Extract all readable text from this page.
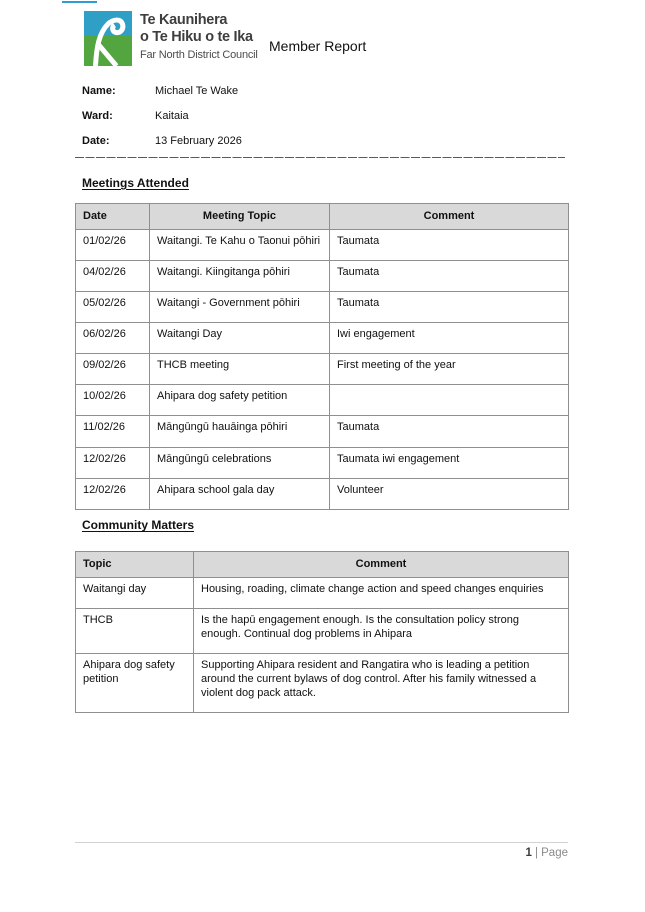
Te Kaunihera
o Te Hiku o te Ika
Far North District Council
Member Report
Name:	Michael Te Wake
Ward:	Kaitaia
Date:	13 February 2026
Meetings Attended
Date	Meeting Topic	Comment
01/02/26	Waitangi. Te Kahu o Taonui pōhiri	Taumata
04/02/26	Waitangi. Kiingitanga pōhiri	Taumata
05/02/26	Waitangi - Government pōhiri	Taumata
06/02/26	Waitangi Day	Iwi engagement
09/02/26	THCB meeting	First meeting of the year
10/02/26	Ahipara dog safety petition	
11/02/26	Māngūngū hauāinga pōhiri	Taumata
12/02/26	Māngūngū celebrations	Taumata iwi engagement
12/02/26	Ahipara school gala day	Volunteer
Community Matters
Topic	Comment
Waitangi day	Housing, roading, climate change action and speed changes enquiries
THCB	Is the hapū engagement enough. Is the consultation policy strong enough. Continual dog problems in Ahipara
Ahipara dog safety petition	Supporting Ahipara resident and Rangatira who is leading a petition around the current bylaws of dog control. After his family witnessed a violent dog pack attack.
1 | Page
